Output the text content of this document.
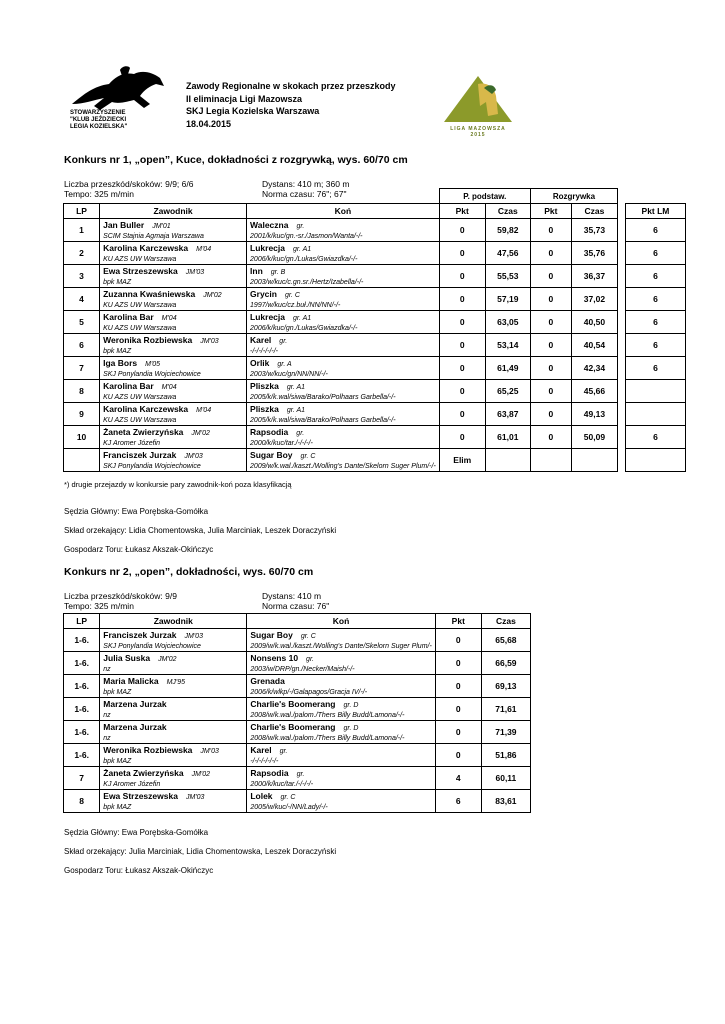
STOWARZYSZENIE
"KLUB JEŹDZIECKI
LEGIA KOZIELSKA"	LIGA MAZOWSZA
2015
Zawody Regionalne w skokach przez przeszkody
II eliminacja Ligi Mazowsza
SKJ Legia Kozielska Warszawa
18.04.2015
Konkurs nr 1, „open”, Kuce, dokładności z rozgrywką, wys. 60/70 cm
Liczba przeszkód/skoków: 9/9; 6/6
Tempo: 325 m/min
Dystans: 410 m; 360 m
Norma czasu: 76"; 67"
				P. podstaw.		Rozgrywka			
LP	Zawodnik	Koń	Pkt	Czas	Pkt	Czas		Pkt LM
1	Jan Buller JM'01
SCIM Stajnia Agmaja Warszawa	Waleczna gr.
2001/k/kuc/gn.-sr./Jasmon/Wanta/-/-	0	59,82	0	35,73		6
2	Karolina Karczewska M'04
KU AZS UW Warszawa	Lukrecja gr. A1
2006/k/kuc/gn./Lukas/Gwiazdka/-/-	0	47,56	0	35,76		6
3	Ewa Strzeszewska JM'03
bpk MAZ	Inn gr. B
2003/w/kuc/c.gn.sr./Hertz/Izabella/-/-	0	55,53	0	36,37		6
4	Zuzanna Kwaśniewska JM'02
KU AZS UW Warszawa	Grycin gr. C
1997/w/kuc/cz.buł./NN/NN/-/-	0	57,19	0	37,02		6
5	Karolina Bar M'04
KU AZS UW Warszawa	Lukrecja gr. A1
2006/k/kuc/gn./Lukas/Gwiazdka/-/-	0	63,05	0	40,50		6
6	Weronika Rozbiewska JM'03
bpk MAZ	Karel gr.
-/-/-/-/-/-/-	0	53,14	0	40,54		6
7	Iga Bors M'05
SKJ Ponylandia Wojciechowice	Orlik gr. A
2003/w/kuc/gn/NN/NN/-/-	0	61,49	0	42,34		6
8	Karolina Bar M'04
KU AZS UW Warszawa	Pliszka gr. A1
2005/k/k.wal/siwa/Barako/Polhaars Garbella/-/-	0	65,25	0	45,66		
9	Karolina Karczewska M'04
KU AZS UW Warszawa	Pliszka gr. A1
2005/k/k.wal/siwa/Barako/Polhaars Garbella/-/-	0	63,87	0	49,13		
10	Żaneta Zwierzyńska JM'02
KJ Aromer Józefin	Rapsodia gr.
2000/k/kuc/tar./-/-/-/-	0	61,01	0	50,09		6

	Franciszek Jurzak JM'03
SKJ Ponylandia Wojciechowice	Sugar Boy gr. C
2009/w/k.wal./kaszt./Wolling's Dante/Skelorn Suger Plum/-/-	Elim					
*) drugie przejazdy w konkursie pary zawodnik-koń poza klasyfikacją
Sędzia Główny: Ewa Porębska-Gomółka
Skład orzekający: Lidia Chomentowska, Julia Marciniak, Leszek Doraczyński
Gospodarz Toru: Łukasz Akszak-Okińczyc
Konkurs nr 2, „open”, dokładności, wys. 60/70 cm
Liczba przeszkód/skoków: 9/9
Tempo: 325 m/min
Dystans: 410 m
Norma czasu: 76"
LP	Zawodnik	Koń	Pkt	Czas
1-6.	Franciszek Jurzak JM'03
SKJ Ponylandia Wojciechowice	Sugar Boy gr. C
2009/w/k.wal./kaszt./Wolling's Dante/Skelorn Suger Plum/-	0	65,68
1-6.	Julia Suska JM'02
nz	Nonsens 10 gr.
2003/w/DRP/gn./Necker/Maish/-/-	0	66,59
1-6.	Maria Malicka MJ'95
bpk MAZ	Grenada
2006/k/wlkp/-/Galapagos/Gracja IV/-/-	0	69,13
1-6.	Marzena Jurzak
nz	Charlie's Boomerang gr. D
2008/w/k.wal./palom./Thers Billy Budd/Lamona/-/-	0	71,61
1-6.	Marzena Jurzak
nz	Charlie's Boomerang gr. D
2008/w/k.wal./palom./Thers Billy Budd/Lamona/-/-	0	71,39
1-6.	Weronika Rozbiewska JM'03
bpk MAZ	Karel gr.
-/-/-/-/-/-/-	0	51,86
7	Żaneta Zwierzyńska JM'02
KJ Aromer Józefin	Rapsodia gr.
2000/k/kuc/tar./-/-/-/-	4	60,11
8	Ewa Strzeszewska JM'03
bpk MAZ	Lolek gr. C
2005/w/kuc/-/NN/Lady/-/-	6	83,61
Sędzia Główny: Ewa Porębska-Gomółka
Skład orzekający: Julia Marciniak, Lidia Chomentowska, Leszek Doraczyński
Gospodarz Toru: Łukasz Akszak-Okińczyc
